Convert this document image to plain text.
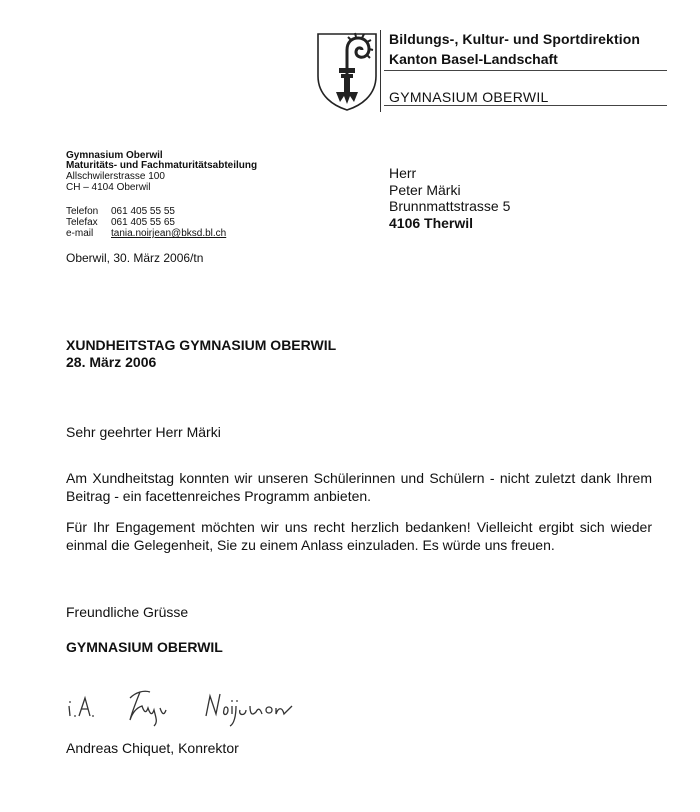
Bildungs-, Kultur- und Sportdirektion
Kanton Basel-Landschaft
GYMNASIUM OBERWIL
Gymnasium Oberwil
Maturitäts- und Fachmaturitätsabteilung
Allschwilerstrasse 100
CH – 4104 Oberwil
Telefon 061 405 55 55
Telefax 061 405 55 65
e-mail tania.noirjean@bksd.bl.ch
Oberwil, 30. März 2006/tn
Herr
Peter Märki
Brunnmattstrasse 5
4106 Therwil
XUNDHEITSTAG GYMNASIUM OBERWIL
28. März 2006
Sehr geehrter Herr Märki
Am Xundheitstag konnten wir unseren Schülerinnen und Schülern - nicht zuletzt dank Ihrem Beitrag - ein facettenreiches Programm anbieten.
Für Ihr Engagement möchten wir uns recht herzlich bedanken! Vielleicht ergibt sich wieder einmal die Gelegenheit, Sie zu einem Anlass einzuladen. Es würde uns freuen.
Freundliche Grüsse
GYMNASIUM OBERWIL
Andreas Chiquet, Konrektor
